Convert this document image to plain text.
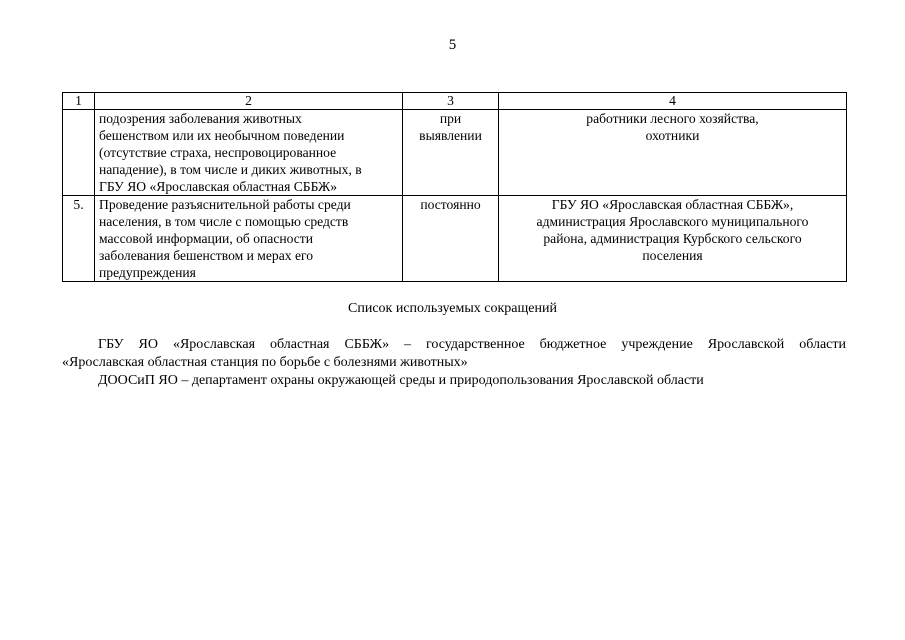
5
1	2	3	4

	подозрения заболевания животных
бешенством или их необычном поведении
(отсутствие страха, неспровоцированное
нападение), в том числе и диких животных, в
ГБУ ЯО «Ярославская областная СББЖ»	при
выявлении	работники лесного хозяйства,
охотники

5.	Проведение разъяснительной работы среди
населения, в том числе с помощью средств
массовой информации, об опасности
заболевания бешенством и мерах его
предупреждения	постоянно	ГБУ ЯО «Ярославская областная СББЖ»,
администрация Ярославского муниципального
района, администрация Курбского сельского
поселения
Список используемых сокращений
ГБУ ЯО «Ярославская областная СББЖ» – государственное бюджетное учреждение Ярославской области
«Ярославская областная станция по борьбе с болезнями животных»
ДООСиП ЯО – департамент охраны окружающей среды и природопользования Ярославской области
